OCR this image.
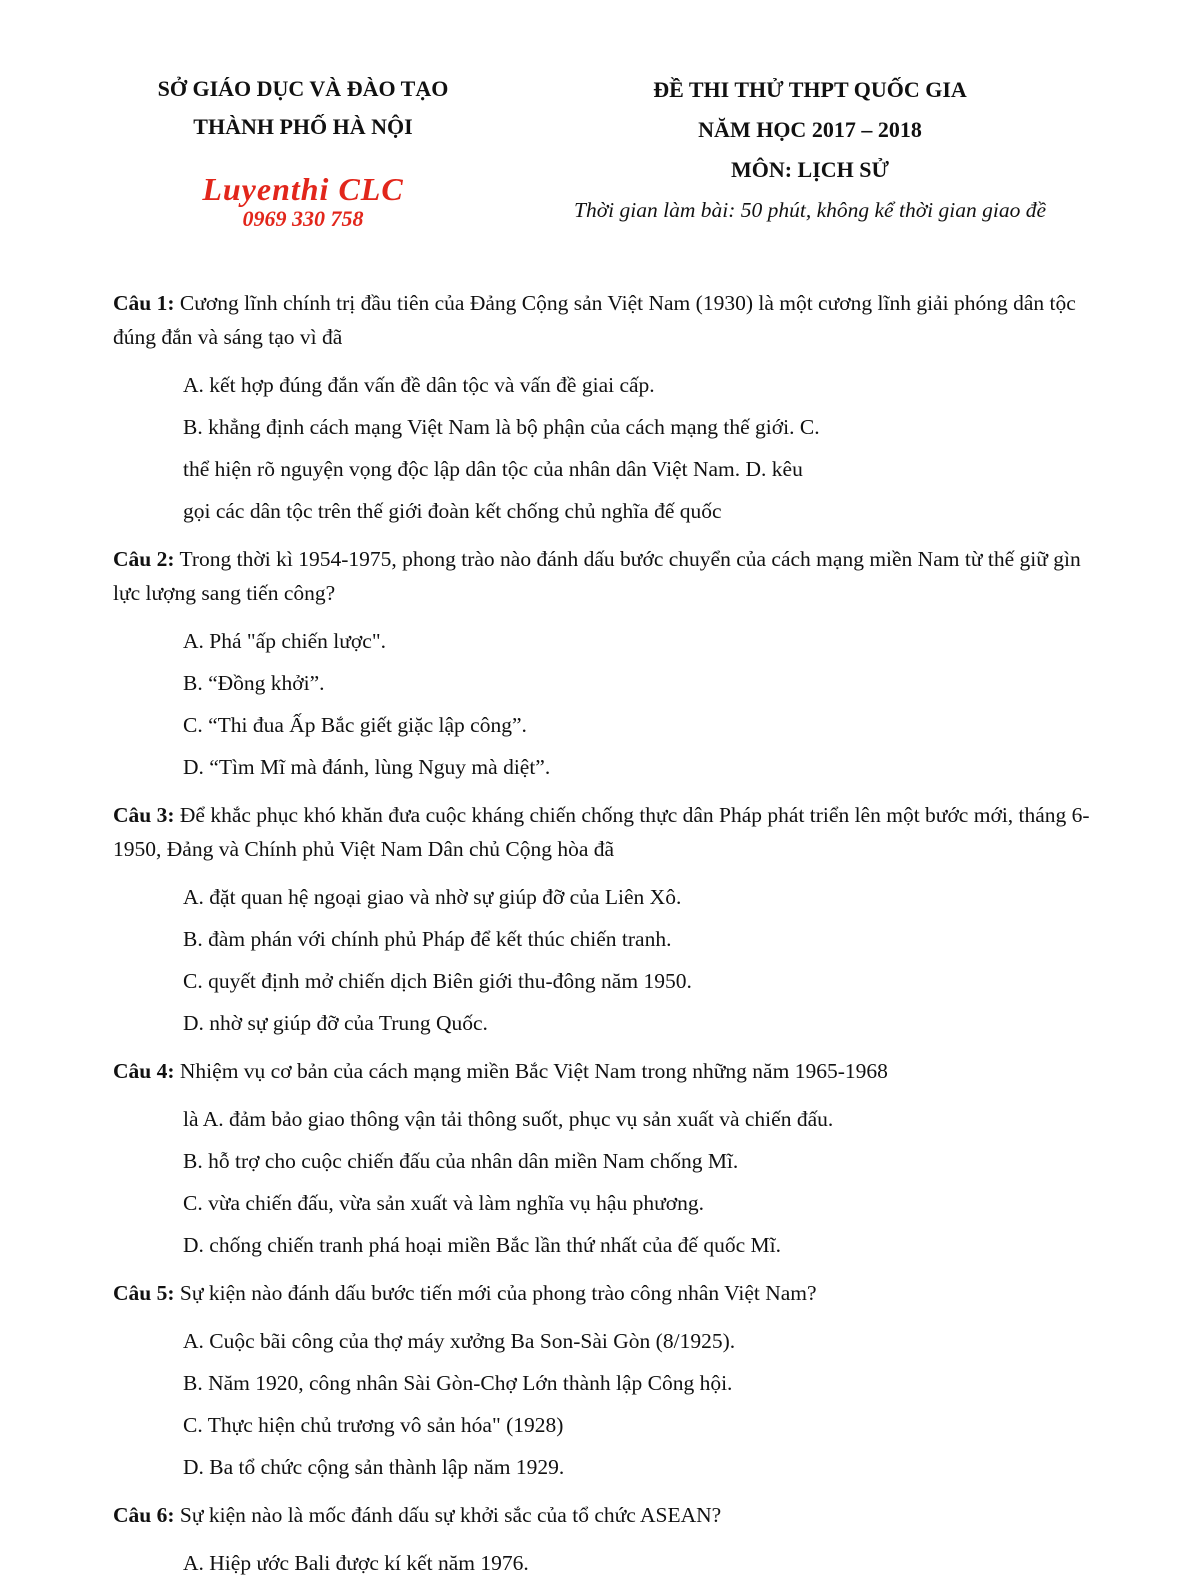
SỞ GIÁO DỤC VÀ ĐÀO TẠO
THÀNH PHỐ HÀ NỘI
Luyenthi CLC
0969 330 758
ĐỀ THI THỬ THPT QUỐC GIA
NĂM HỌC 2017 – 2018
MÔN: LỊCH SỬ
Thời gian làm bài: 50 phút, không kể thời gian giao đề

Câu 1: Cương lĩnh chính trị đầu tiên của Đảng Cộng sản Việt Nam (1930) là một cương lĩnh giải phóng dân tộc đúng đắn và sáng tạo vì đã

A. kết hợp đúng đắn vấn đề dân tộc và vấn đề giai cấp.

B. khẳng định cách mạng Việt Nam là bộ phận của cách mạng thế giới. C.

thể hiện rõ nguyện vọng độc lập dân tộc của nhân dân Việt Nam. D. kêu

gọi các dân tộc trên thế giới đoàn kết chống chủ nghĩa đế quốc

Câu 2: Trong thời kì 1954-1975, phong trào nào đánh dấu bước chuyển của cách mạng miền Nam từ thế giữ gìn lực lượng sang tiến công?

A. Phá "ấp chiến lược".

B. “Đồng khởi”.

C. “Thi đua Ấp Bắc giết giặc lập công”.

D. “Tìm Mĩ mà đánh, lùng Nguy mà diệt”.

Câu 3: Để khắc phục khó khăn đưa cuộc kháng chiến chống thực dân Pháp phát triển lên một bước mới, tháng 6-1950, Đảng và Chính phủ Việt Nam Dân chủ Cộng hòa đã

A. đặt quan hệ ngoại giao và nhờ sự giúp đỡ của Liên Xô.

B. đàm phán với chính phủ Pháp để kết thúc chiến tranh.

C. quyết định mở chiến dịch Biên giới thu-đông năm 1950.

D. nhờ sự giúp đỡ của Trung Quốc.

Câu 4: Nhiệm vụ cơ bản của cách mạng miền Bắc Việt Nam trong những năm 1965-1968

là A. đảm bảo giao thông vận tải thông suốt, phục vụ sản xuất và chiến đấu.

B. hỗ trợ cho cuộc chiến đấu của nhân dân miền Nam chống Mĩ.

C. vừa chiến đấu, vừa sản xuất và làm nghĩa vụ hậu phương.

D. chống chiến tranh phá hoại miền Bắc lần thứ nhất của đế quốc Mĩ.

Câu 5: Sự kiện nào đánh dấu bước tiến mới của phong trào công nhân Việt Nam?

A. Cuộc bãi công của thợ máy xưởng Ba Son-Sài Gòn (8/1925).

B. Năm 1920, công nhân Sài Gòn-Chợ Lớn thành lập Công hội.

C. Thực hiện chủ trương vô sản hóa" (1928)

D. Ba tổ chức cộng sản thành lập năm 1929.

Câu 6: Sự kiện nào là mốc đánh dấu sự khởi sắc của tổ chức ASEAN?

A. Hiệp ước Bali được kí kết năm 1976.
